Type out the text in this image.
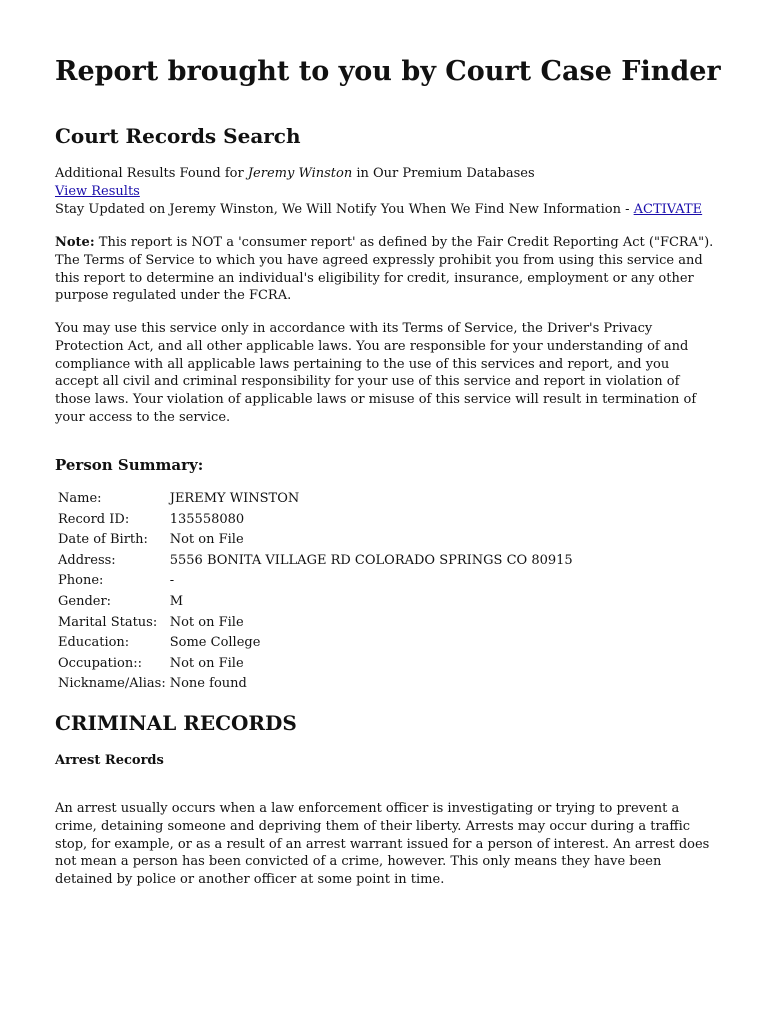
Report brought to you by Court Case Finder
Court Records Search
Additional Results Found for Jeremy Winston in Our Premium Databases
View Results
Stay Updated on Jeremy Winston, We Will Notify You When We Find New Information - ACTIVATE
Note: This report is NOT a 'consumer report' as defined by the Fair Credit Reporting Act ("FCRA"). The Terms of Service to which you have agreed expressly prohibit you from using this service and this report to determine an individual's eligibility for credit, insurance, employment or any other purpose regulated under the FCRA.
You may use this service only in accordance with its Terms of Service, the Driver's Privacy Protection Act, and all other applicable laws. You are responsible for your understanding of and compliance with all applicable laws pertaining to the use of this services and report, and you accept all civil and criminal responsibility for your use of this service and report in violation of those laws. Your violation of applicable laws or misuse of this service will result in termination of your access to the service.
Person Summary:
Name:	JEREMY WINSTON
Record ID:	135558080
Date of Birth:	Not on File
Address:	5556 BONITA VILLAGE RD COLORADO SPRINGS CO 80915
Phone:	-
Gender:	M
Marital Status:	Not on File
Education:	Some College
Occupation::	Not on File
Nickname/Alias:	None found
CRIMINAL RECORDS
Arrest Records
An arrest usually occurs when a law enforcement officer is investigating or trying to prevent a crime, detaining someone and depriving them of their liberty. Arrests may occur during a traffic stop, for example, or as a result of an arrest warrant issued for a person of interest. An arrest does not mean a person has been convicted of a crime, however. This only means they have been detained by police or another officer at some point in time.
